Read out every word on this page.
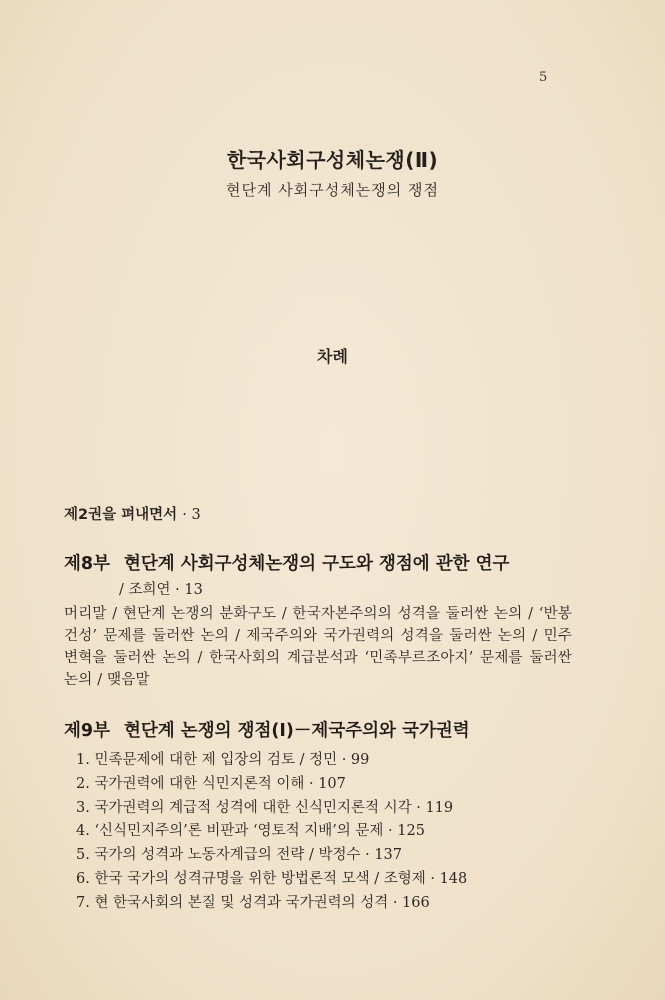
5
한국사회구성체논쟁(Ⅱ)
현단계 사회구성체논쟁의 쟁점
차례
제2권을 펴내면서 · 3
제8부 현단계 사회구성체논쟁의 구도와 쟁점에 관한 연구
/ 조희연 · 13
머리말 / 현단계 논쟁의 분화구도 / 한국자본주의의 성격을 둘러싼 논의 / ‘반봉건성’ 문제를 둘러싼 논의 / 제국주의와 국가권력의 성격을 둘러싼 논의 / 민주변혁을 둘러싼 논의 / 한국사회의 계급분석과 ‘민족부르조아지’ 문제를 둘러싼 논의 / 맺음말
제9부 현단계 논쟁의 쟁점(Ⅰ)－제국주의와 국가권력
1. 민족문제에 대한 제 입장의 검토 / 정민 · 99
2. 국가권력에 대한 식민지론적 이해 · 107
3. 국가권력의 계급적 성격에 대한 신식민지론적 시각 · 119
4. ‘신식민지주의’론 비판과 ‘영토적 지배’의 문제 · 125
5. 국가의 성격과 노동자계급의 전략 / 박정수 · 137
6. 한국 국가의 성격규명을 위한 방법론적 모색 / 조형제 · 148
7. 현 한국사회의 본질 및 성격과 국가권력의 성격 · 166
